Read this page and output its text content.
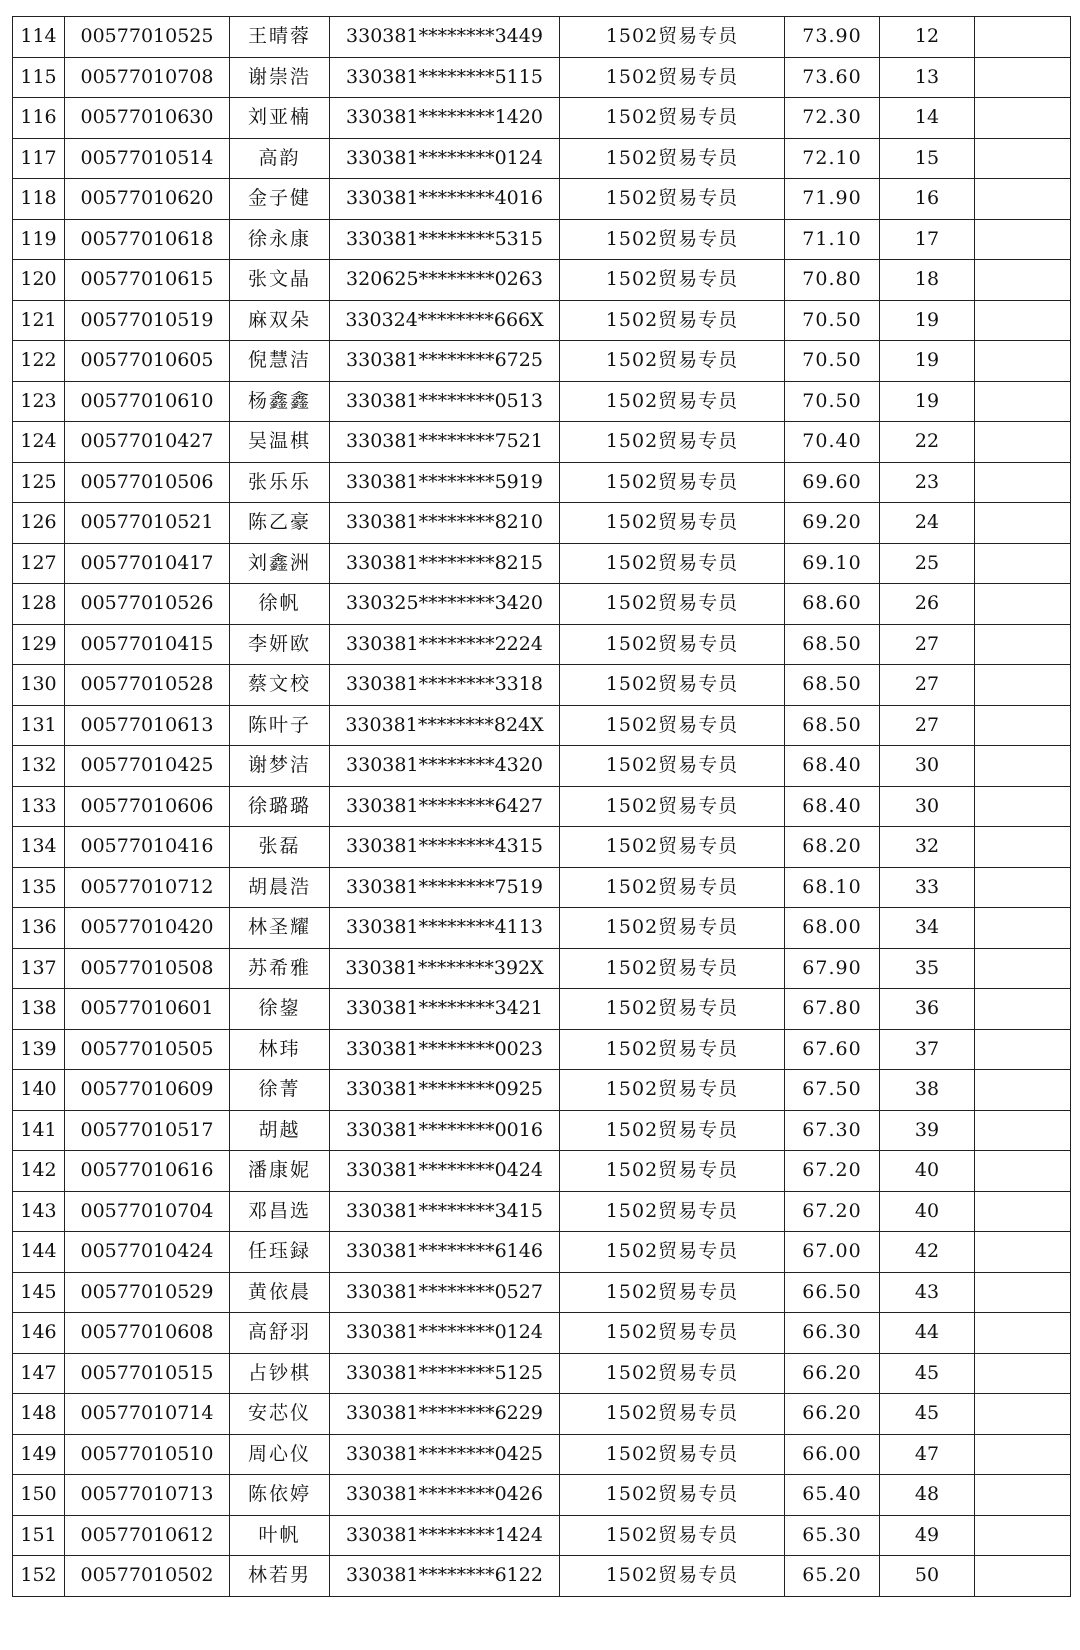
114	00577010525	王晴蓉	330381********3449	1502贸易专员	73.90	12	
115	00577010708	谢崇浩	330381********5115	1502贸易专员	73.60	13	
116	00577010630	刘亚楠	330381********1420	1502贸易专员	72.30	14	
117	00577010514	高韵	330381********0124	1502贸易专员	72.10	15	
118	00577010620	金子健	330381********4016	1502贸易专员	71.90	16	
119	00577010618	徐永康	330381********5315	1502贸易专员	71.10	17	
120	00577010615	张文晶	320625********0263	1502贸易专员	70.80	18	
121	00577010519	麻双朵	330324********666X	1502贸易专员	70.50	19	
122	00577010605	倪慧洁	330381********6725	1502贸易专员	70.50	19	
123	00577010610	杨鑫鑫	330381********0513	1502贸易专员	70.50	19	
124	00577010427	吴温棋	330381********7521	1502贸易专员	70.40	22	
125	00577010506	张乐乐	330381********5919	1502贸易专员	69.60	23	
126	00577010521	陈乙豪	330381********8210	1502贸易专员	69.20	24	
127	00577010417	刘鑫洲	330381********8215	1502贸易专员	69.10	25	
128	00577010526	徐帆	330325********3420	1502贸易专员	68.60	26	
129	00577010415	李妍欧	330381********2224	1502贸易专员	68.50	27	
130	00577010528	蔡文校	330381********3318	1502贸易专员	68.50	27	
131	00577010613	陈叶子	330381********824X	1502贸易专员	68.50	27	
132	00577010425	谢梦洁	330381********4320	1502贸易专员	68.40	30	
133	00577010606	徐璐璐	330381********6427	1502贸易专员	68.40	30	
134	00577010416	张磊	330381********4315	1502贸易专员	68.20	32	
135	00577010712	胡晨浩	330381********7519	1502贸易专员	68.10	33	
136	00577010420	林圣耀	330381********4113	1502贸易专员	68.00	34	
137	00577010508	苏希雅	330381********392X	1502贸易专员	67.90	35	
138	00577010601	徐鋆	330381********3421	1502贸易专员	67.80	36	
139	00577010505	林玮	330381********0023	1502贸易专员	67.60	37	
140	00577010609	徐菁	330381********0925	1502贸易专员	67.50	38	
141	00577010517	胡越	330381********0016	1502贸易专员	67.30	39	
142	00577010616	潘康妮	330381********0424	1502贸易专员	67.20	40	
143	00577010704	邓昌选	330381********3415	1502贸易专员	67.20	40	
144	00577010424	任珏録	330381********6146	1502贸易专员	67.00	42	
145	00577010529	黄依晨	330381********0527	1502贸易专员	66.50	43	
146	00577010608	高舒羽	330381********0124	1502贸易专员	66.30	44	
147	00577010515	占钞棋	330381********5125	1502贸易专员	66.20	45	
148	00577010714	安芯仪	330381********6229	1502贸易专员	66.20	45	
149	00577010510	周心仪	330381********0425	1502贸易专员	66.00	47	
150	00577010713	陈依婷	330381********0426	1502贸易专员	65.40	48	
151	00577010612	叶帆	330381********1424	1502贸易专员	65.30	49	
152	00577010502	林若男	330381********6122	1502贸易专员	65.20	50	
